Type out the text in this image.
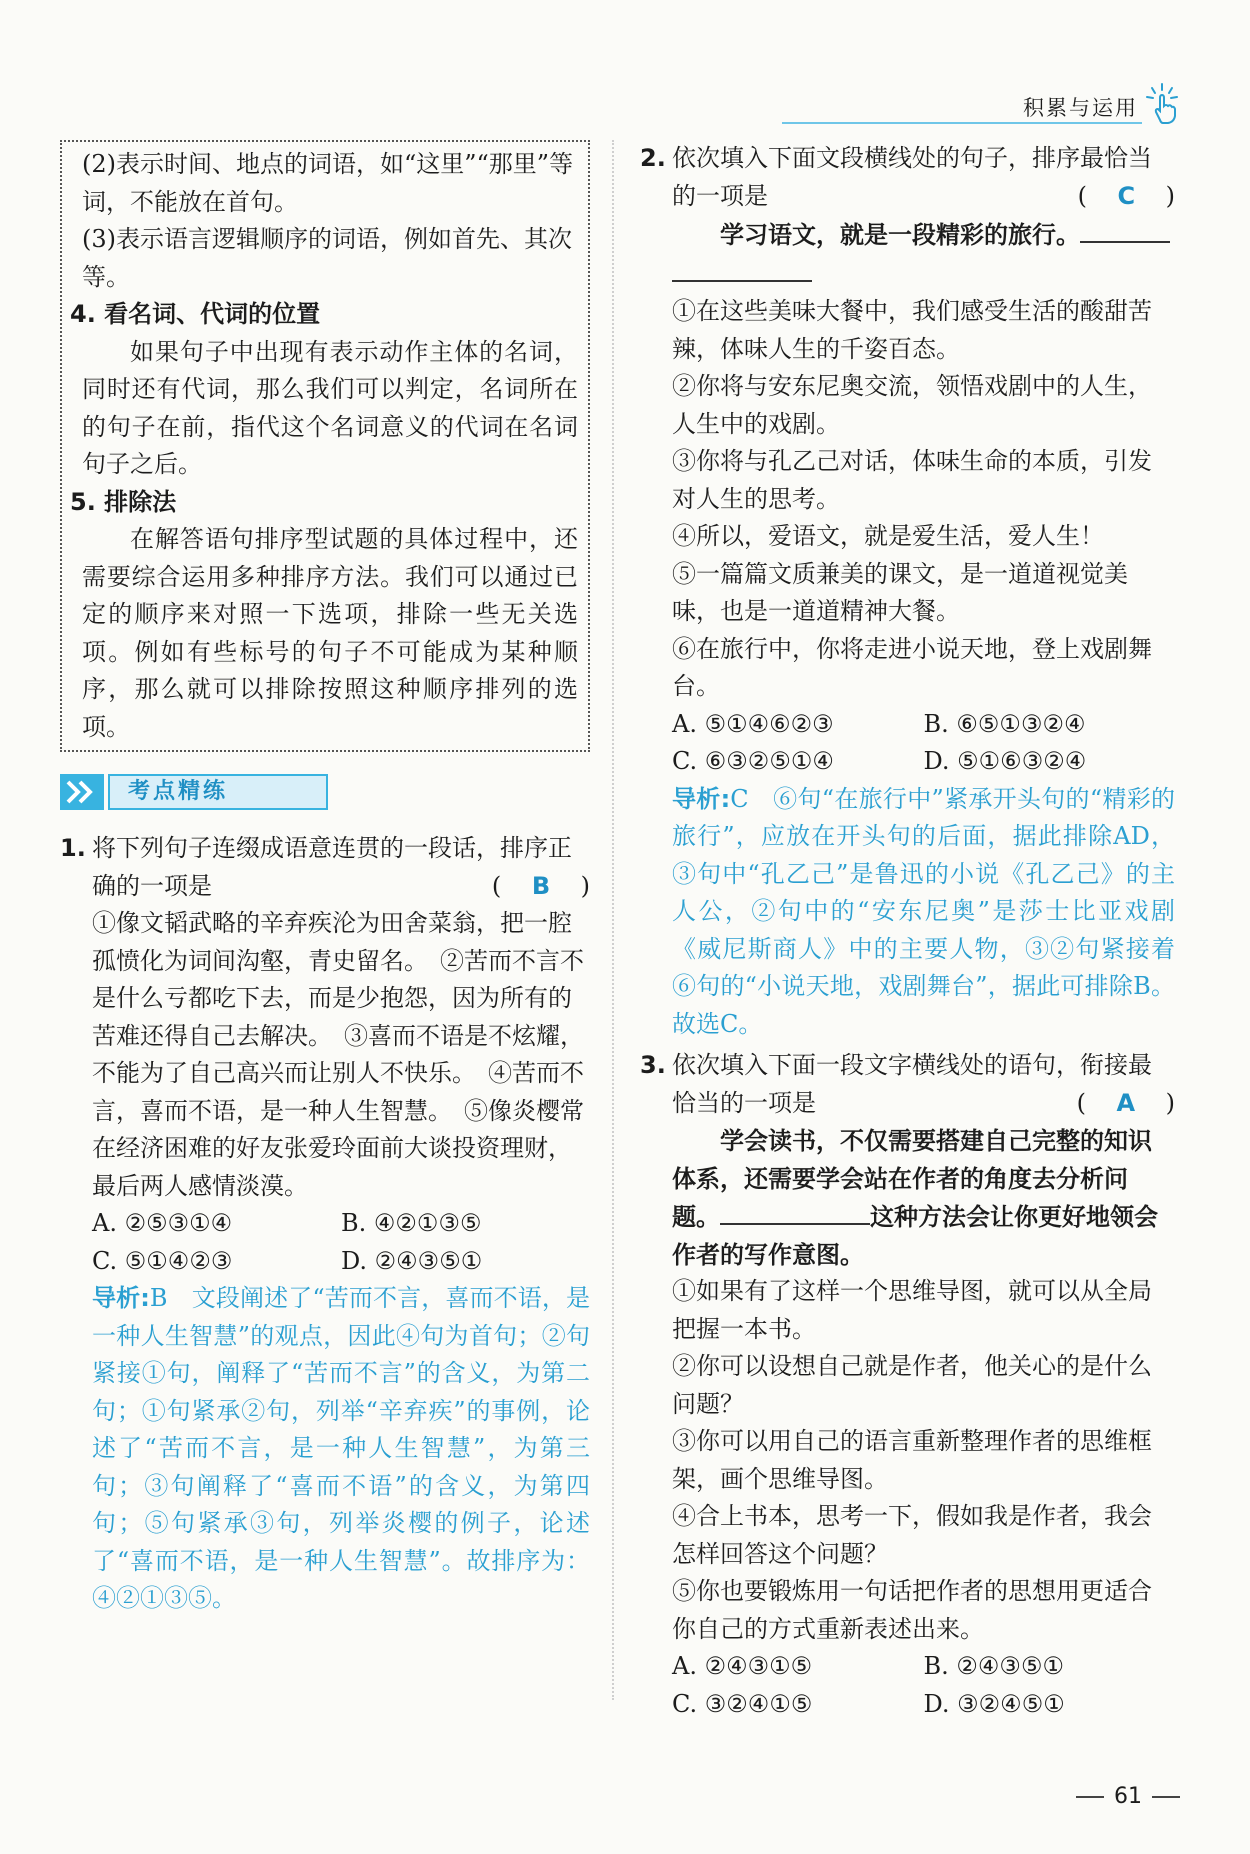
积累与运用

(2)表示时间、地点的词语，如“这里”“那里”等词，不能放在首句。

(3)表示语言逻辑顺序的词语，例如首先、其次等。

4. 看名词、代词的位置

如果句子中出现有表示动作主体的名词，同时还有代词，那么我们可以判定，名词所在的句子在前，指代这个名词意义的代词在名词句子之后。

5. 排除法

在解答语句排序型试题的具体过程中，还需要综合运用多种排序方法。我们可以通过已定的顺序来对照一下选项，排除一些无关选项。例如有些标号的句子不可能成为某种顺序，那么就可以排除按照这种顺序排列的选项。

考点精练

1. 将下列句子连缀成语意连贯的一段话，排序正确的一项是	( B )

①像文韬武略的辛弃疾沦为田舍菜翁，把一腔孤愤化为词间沟壑，青史留名。　②苦而不言不是什么亏都吃下去，而是少抱怨，因为所有的苦难还得自己去解决。　③喜而不语是不炫耀，不能为了自己高兴而让别人不快乐。　④苦而不言，喜而不语，是一种人生智慧。　⑤像炎樱常在经济困难的好友张爱玲面前大谈投资理财，最后两人感情淡漠。

A. ②⑤③①④	B. ④②①③⑤
C. ⑤①④②③	D. ②④③⑤①

导析:B　文段阐述了“苦而不言，喜而不语，是一种人生智慧”的观点，因此④句为首句；②句紧接①句，阐释了“苦而不言”的含义，为第二句；①句紧承②句，列举“辛弃疾”的事例，论述了“苦而不言，是一种人生智慧”，为第三句；③句阐释了“喜而不语”的含义，为第四句；⑤句紧承③句，列举炎樱的例子，论述了“喜而不语，是一种人生智慧”。故排序为：④②①③⑤。

2. 依次填入下面文段横线处的句子，排序最恰当的一项是	( C )

学习语文，就是一段精彩的旅行。

①在这些美味大餐中，我们感受生活的酸甜苦辣，体味人生的千姿百态。

②你将与安东尼奥交流，领悟戏剧中的人生，人生中的戏剧。

③你将与孔乙己对话，体味生命的本质，引发对人生的思考。

④所以，爱语文，就是爱生活，爱人生！

⑤一篇篇文质兼美的课文，是一道道视觉美味，也是一道道精神大餐。

⑥在旅行中，你将走进小说天地，登上戏剧舞台。

A. ⑤①④⑥②③	B. ⑥⑤①③②④
C. ⑥③②⑤①④	D. ⑤①⑥③②④

导析:C　⑥句“在旅行中”紧承开头句的“精彩的旅行”，应放在开头句的后面，据此排除AD，③句中“孔乙己”是鲁迅的小说《孔乙己》的主人公，②句中的“安东尼奥”是莎士比亚戏剧《威尼斯商人》中的主要人物，③②句紧接着⑥句的“小说天地，戏剧舞台”，据此可排除B。故选C。

3. 依次填入下面一段文字横线处的语句，衔接最恰当的一项是	( A )

学会读书，不仅需要搭建自己完整的知识体系，还需要学会站在作者的角度去分析问题。	这种方法会让你更好地领会作者的写作意图。

①如果有了这样一个思维导图，就可以从全局把握一本书。

②你可以设想自己就是作者，他关心的是什么问题？

③你可以用自己的语言重新整理作者的思维框架，画个思维导图。

④合上书本，思考一下，假如我是作者，我会怎样回答这个问题？

⑤你也要锻炼用一句话把作者的思想用更适合你自己的方式重新表述出来。

A. ②④③①⑤	B. ②④③⑤①
C. ③②④①⑤	D. ③②④⑤①
61
